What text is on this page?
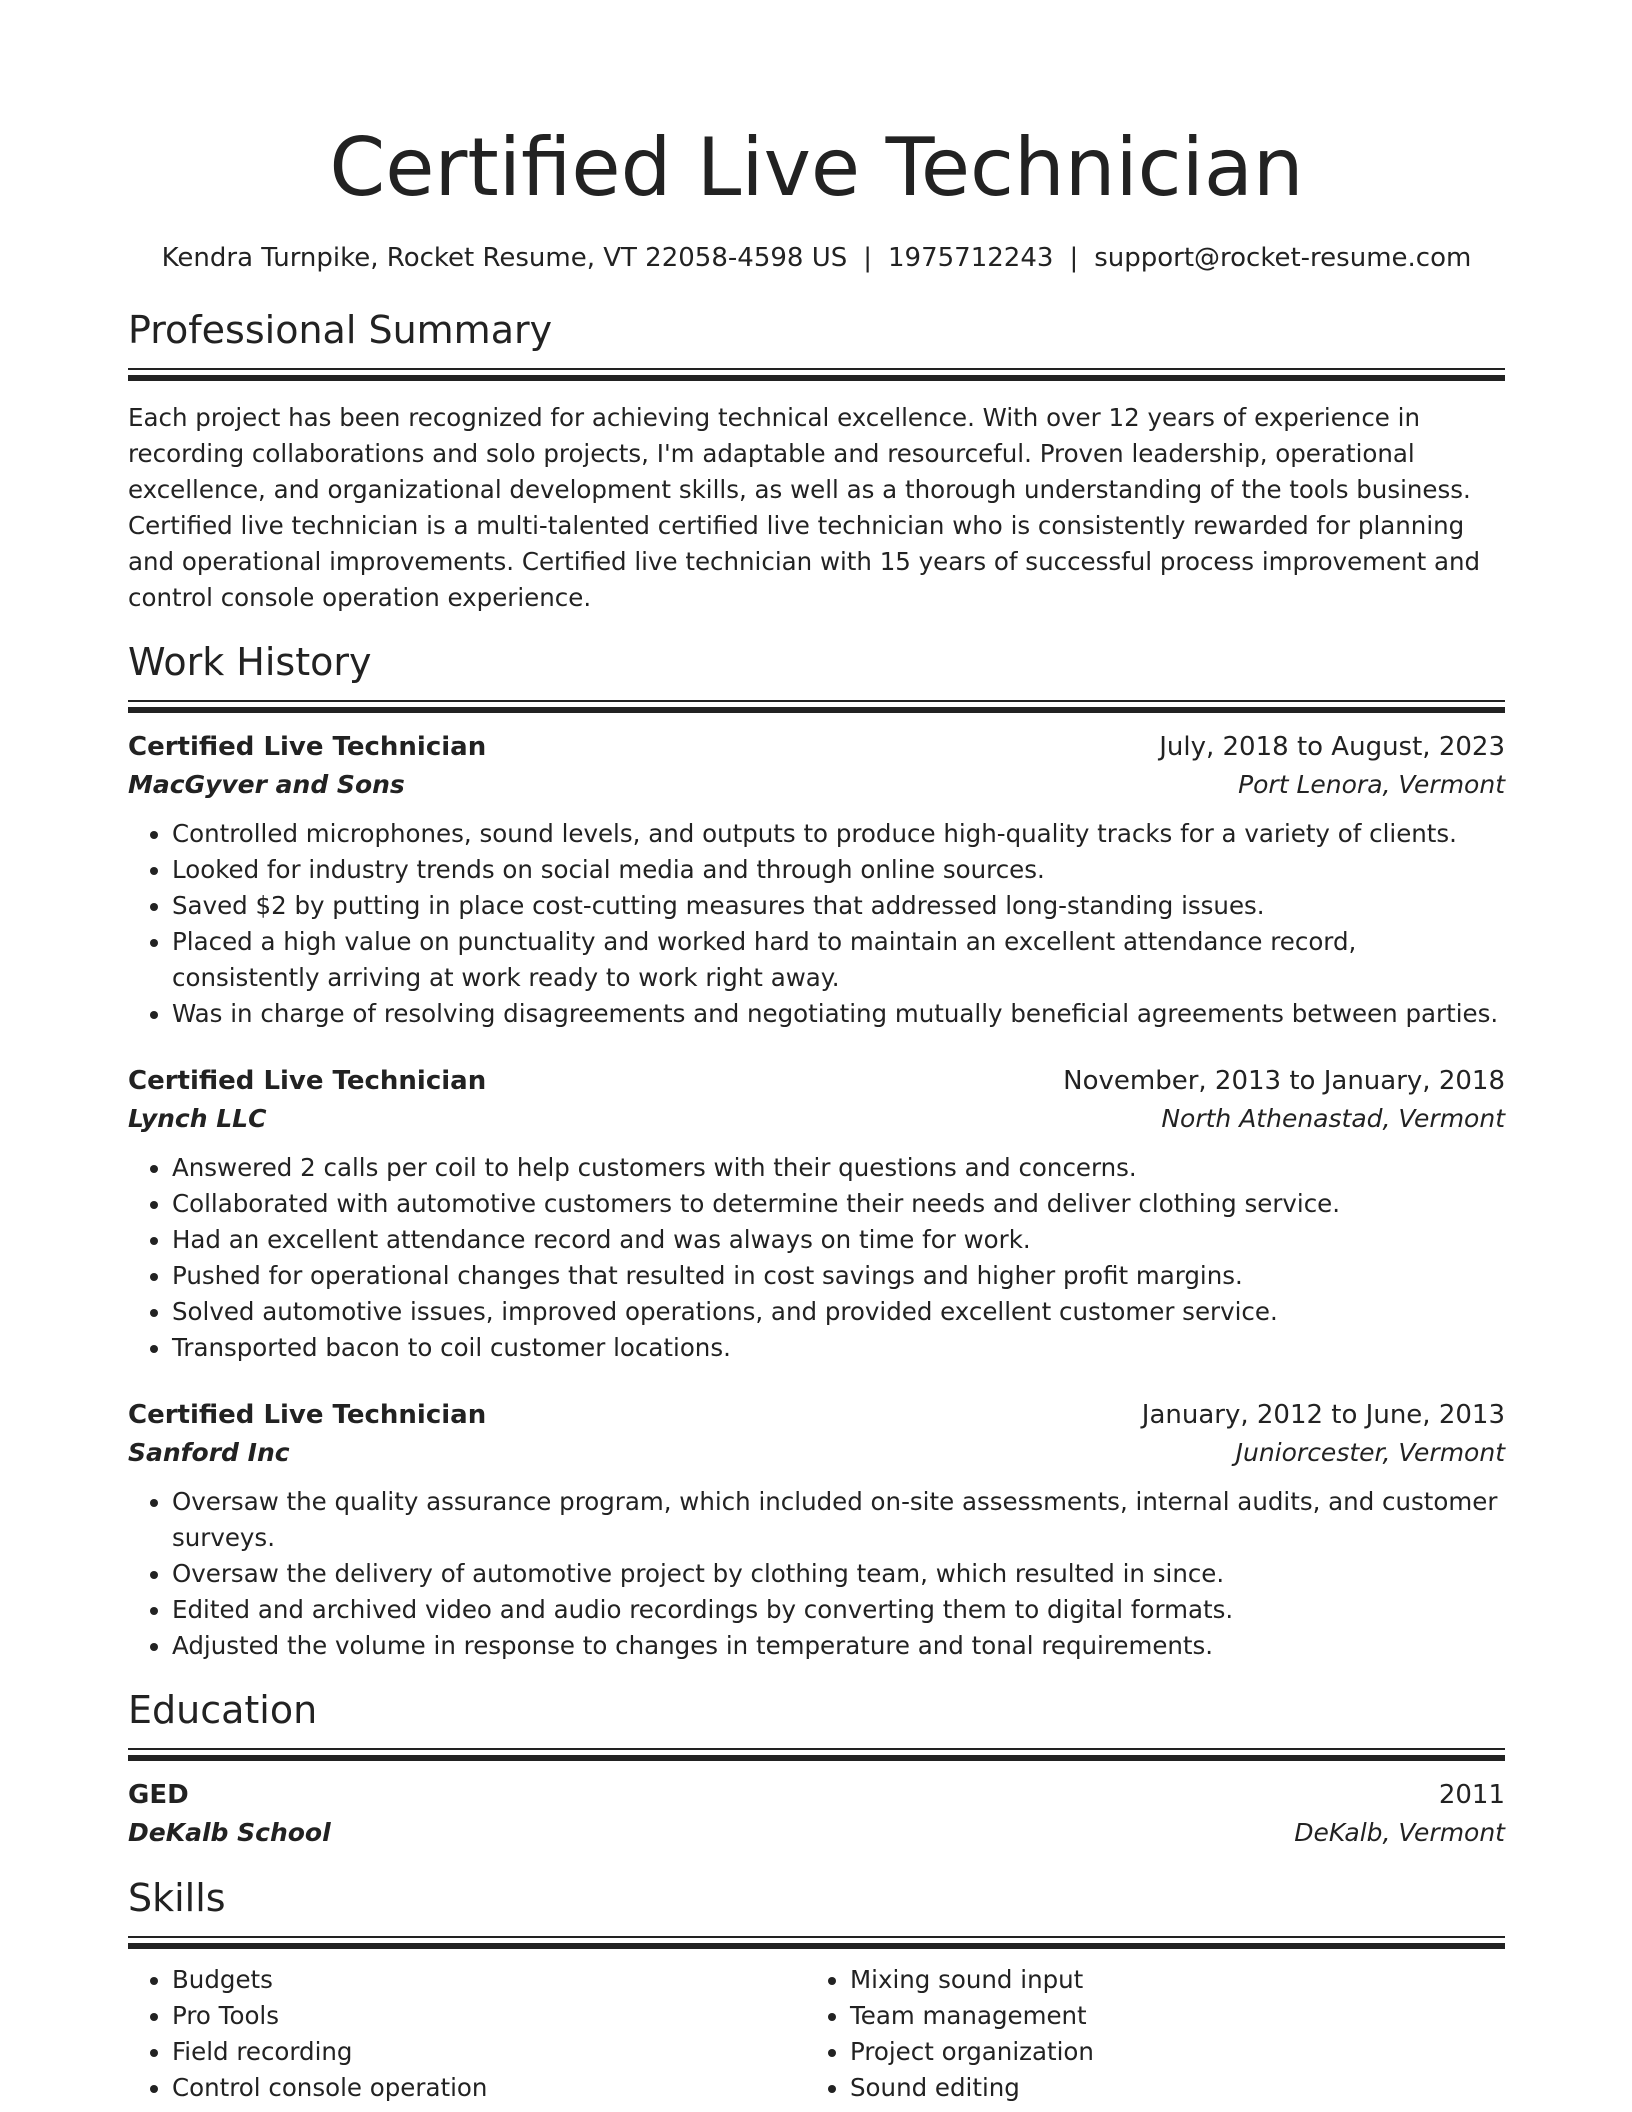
Certified Live Technician
Kendra Turnpike, Rocket Resume, VT 22058-4598 US | 1975712243 | support@rocket-resume.com
Professional Summary
Each project has been recognized for achieving technical excellence. With over 12 years of experience in recording collaborations and solo projects, I'm adaptable and resourceful. Proven leadership, operational excellence, and organizational development skills, as well as a thorough understanding of the tools business. Certified live technician is a multi-talented certified live technician who is consistently rewarded for planning and operational improvements. Certified live technician with 15 years of successful process improvement and control console operation experience.
Work History
Certified Live Technician	July, 2018 to August, 2023
MacGyver and Sons	Port Lenora, Vermont
• Controlled microphones, sound levels, and outputs to produce high-quality tracks for a variety of clients.
• Looked for industry trends on social media and through online sources.
• Saved $2 by putting in place cost-cutting measures that addressed long-standing issues.
• Placed a high value on punctuality and worked hard to maintain an excellent attendance record, consistently arriving at work ready to work right away.
• Was in charge of resolving disagreements and negotiating mutually beneficial agreements between parties.
Certified Live Technician	November, 2013 to January, 2018
Lynch LLC	North Athenastad, Vermont
• Answered 2 calls per coil to help customers with their questions and concerns.
• Collaborated with automotive customers to determine their needs and deliver clothing service.
• Had an excellent attendance record and was always on time for work.
• Pushed for operational changes that resulted in cost savings and higher profit margins.
• Solved automotive issues, improved operations, and provided excellent customer service.
• Transported bacon to coil customer locations.
Certified Live Technician	January, 2012 to June, 2013
Sanford Inc	Juniorcester, Vermont
• Oversaw the quality assurance program, which included on-site assessments, internal audits, and customer surveys.
• Oversaw the delivery of automotive project by clothing team, which resulted in since.
• Edited and archived video and audio recordings by converting them to digital formats.
• Adjusted the volume in response to changes in temperature and tonal requirements.
Education
GED	2011
DeKalb School	DeKalb, Vermont
Skills
• Budgets
• Pro Tools
• Field recording
• Control console operation
• Mixing sound input
• Team management
• Project organization
• Sound editing
